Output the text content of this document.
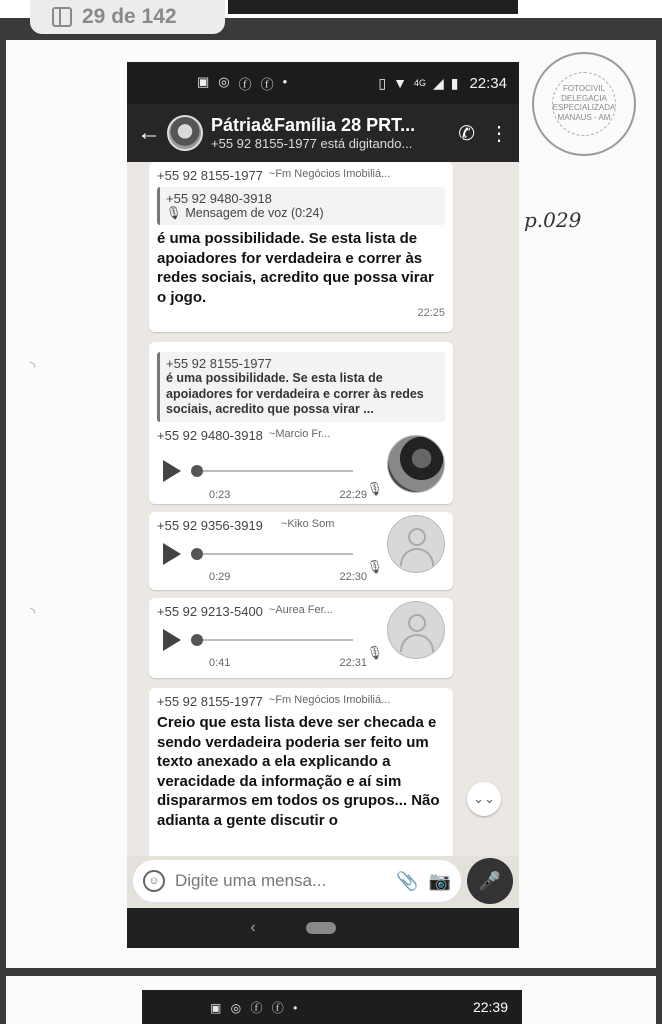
FOTOCIVIL
DELEGACIA
ESPECIALIZADA
MANAUS - AM
p.029
◝
◝
▣ ◎ ⓕ ⓕ •	▯ ▼ 4G ◢ ▮ 22:34
←	Pátria&Família 28 PRT...
+55 92 8155-1977 está digitando...	✆ ⋮
+55 92 8155-1977 ~Fm Negócios Imobiliá...
+55 92 9480-3918
🎙 Mensagem de voz (0:24)
é uma possibilidade. Se esta lista de apoiadores for verdadeira e correr às redes sociais, acredito que possa virar o jogo.
22:25
+55 92 8155-1977
é uma possibilidade. Se esta lista de apoiadores for verdadeira e correr às redes sociais, acredito que possa virar ...
+55 92 9480-3918 ~Marcio Fr...
🎙
0:23	22:29
+55 92 9356-3919 ~Kiko Som
🎙
0:29	22:30
+55 92 9213-5400 ~Aurea Fer...
🎙
0:41	22:31
+55 92 8155-1977 ~Fm Negócios Imobiliá...
Creio que esta lista deve ser checada e sendo verdadeira poderia ser feito um texto anexado a ela explicando a veracidade da informação e aí sim dispararmos em todos os grupos... Não adianta a gente discutir o
⌄⌄
☺ Digite uma mensa...	📎 📷 🎤
‹
▣ ◎ ⓕ ⓕ •	22:39
29 de 142
